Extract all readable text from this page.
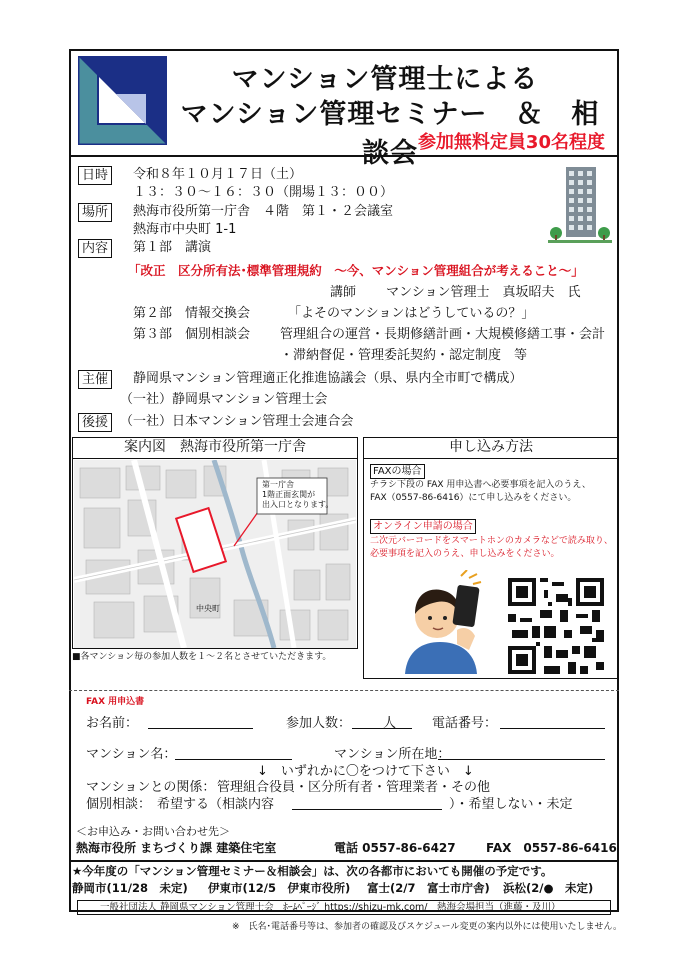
マンション管理士による
マンション管理セミナー　＆　相談会 参加無料定員30名程度
日時	令和８年１０月１７日（土）
１３：３０〜１６：３０（開場１３：００）
場所	熱海市役所第一庁舎　４階　第１・２会議室
熱海市中央町 1-1
内容	第１部　講演
「改正　区分所有法･標準管理規約　〜今、マンション管理組合が考えること〜」
講師　　 マンション管理士　真坂昭夫　氏
第２部　情報交換会	「よそのマンションはどうしているの？」
第３部　個別相談会 管理組合の運営・長期修繕計画・大規模修繕工事・会計
・滞納督促・管理委託契約・認定制度　等
主催	静岡県マンション管理適正化推進協議会（県、県内全市町で構成）
（一社）静岡県マンション管理士会
後援 （一社）日本マンション管理士会連合会
案内図　熱海市役所第一庁舎
第一庁舎
1階正面玄関が
出入口となります。
中央町
■各マンション毎の参加人数を１〜２名とさせていただきます。
申し込み方法
FAXの場合
チラシ下段の FAX 用申込書へ必要事項を記入のうえ、
FAX（0557-86-6416）にて申し込みをください。
オンライン申請の場合
二次元バーコードをスマートホンのカメラなどで読み取り、
必要事項を記入のうえ、申し込みをください。
FAX 用申込書
お名前：	参加人数： 人	電話番号：
マンション名：	マンション所在地：
↓　いずれかに〇をつけて下さい　↓
マンションとの関係： 管理組合役員・区分所有者・管理業者・その他
個別相談： 希望する（相談内容	）・希望しない・未定
＜お申込み・お問い合わせ先＞
熱海市役所 まちづくり課 建築住宅室	電話 0557-86-6427	FAX　0557-86-6416
★今年度の「マンション管理セミナー＆相談会」は、次の各都市においても開催の予定です。
静岡市(11/28　未定) 伊東市(12/5　伊東市役所) 富士(2/7　富士市庁舎) 浜松(2/●　未定)
一般社団法人 静岡県マンション管理士会　ﾎｰﾑﾍﾟｰｼﾞ https://shizu-mk.com/　熱海会場担当（進藤・及川）
※　氏名･電話番号等は、参加者の確認及びスケジュール変更の案内以外には使用いたしません。
